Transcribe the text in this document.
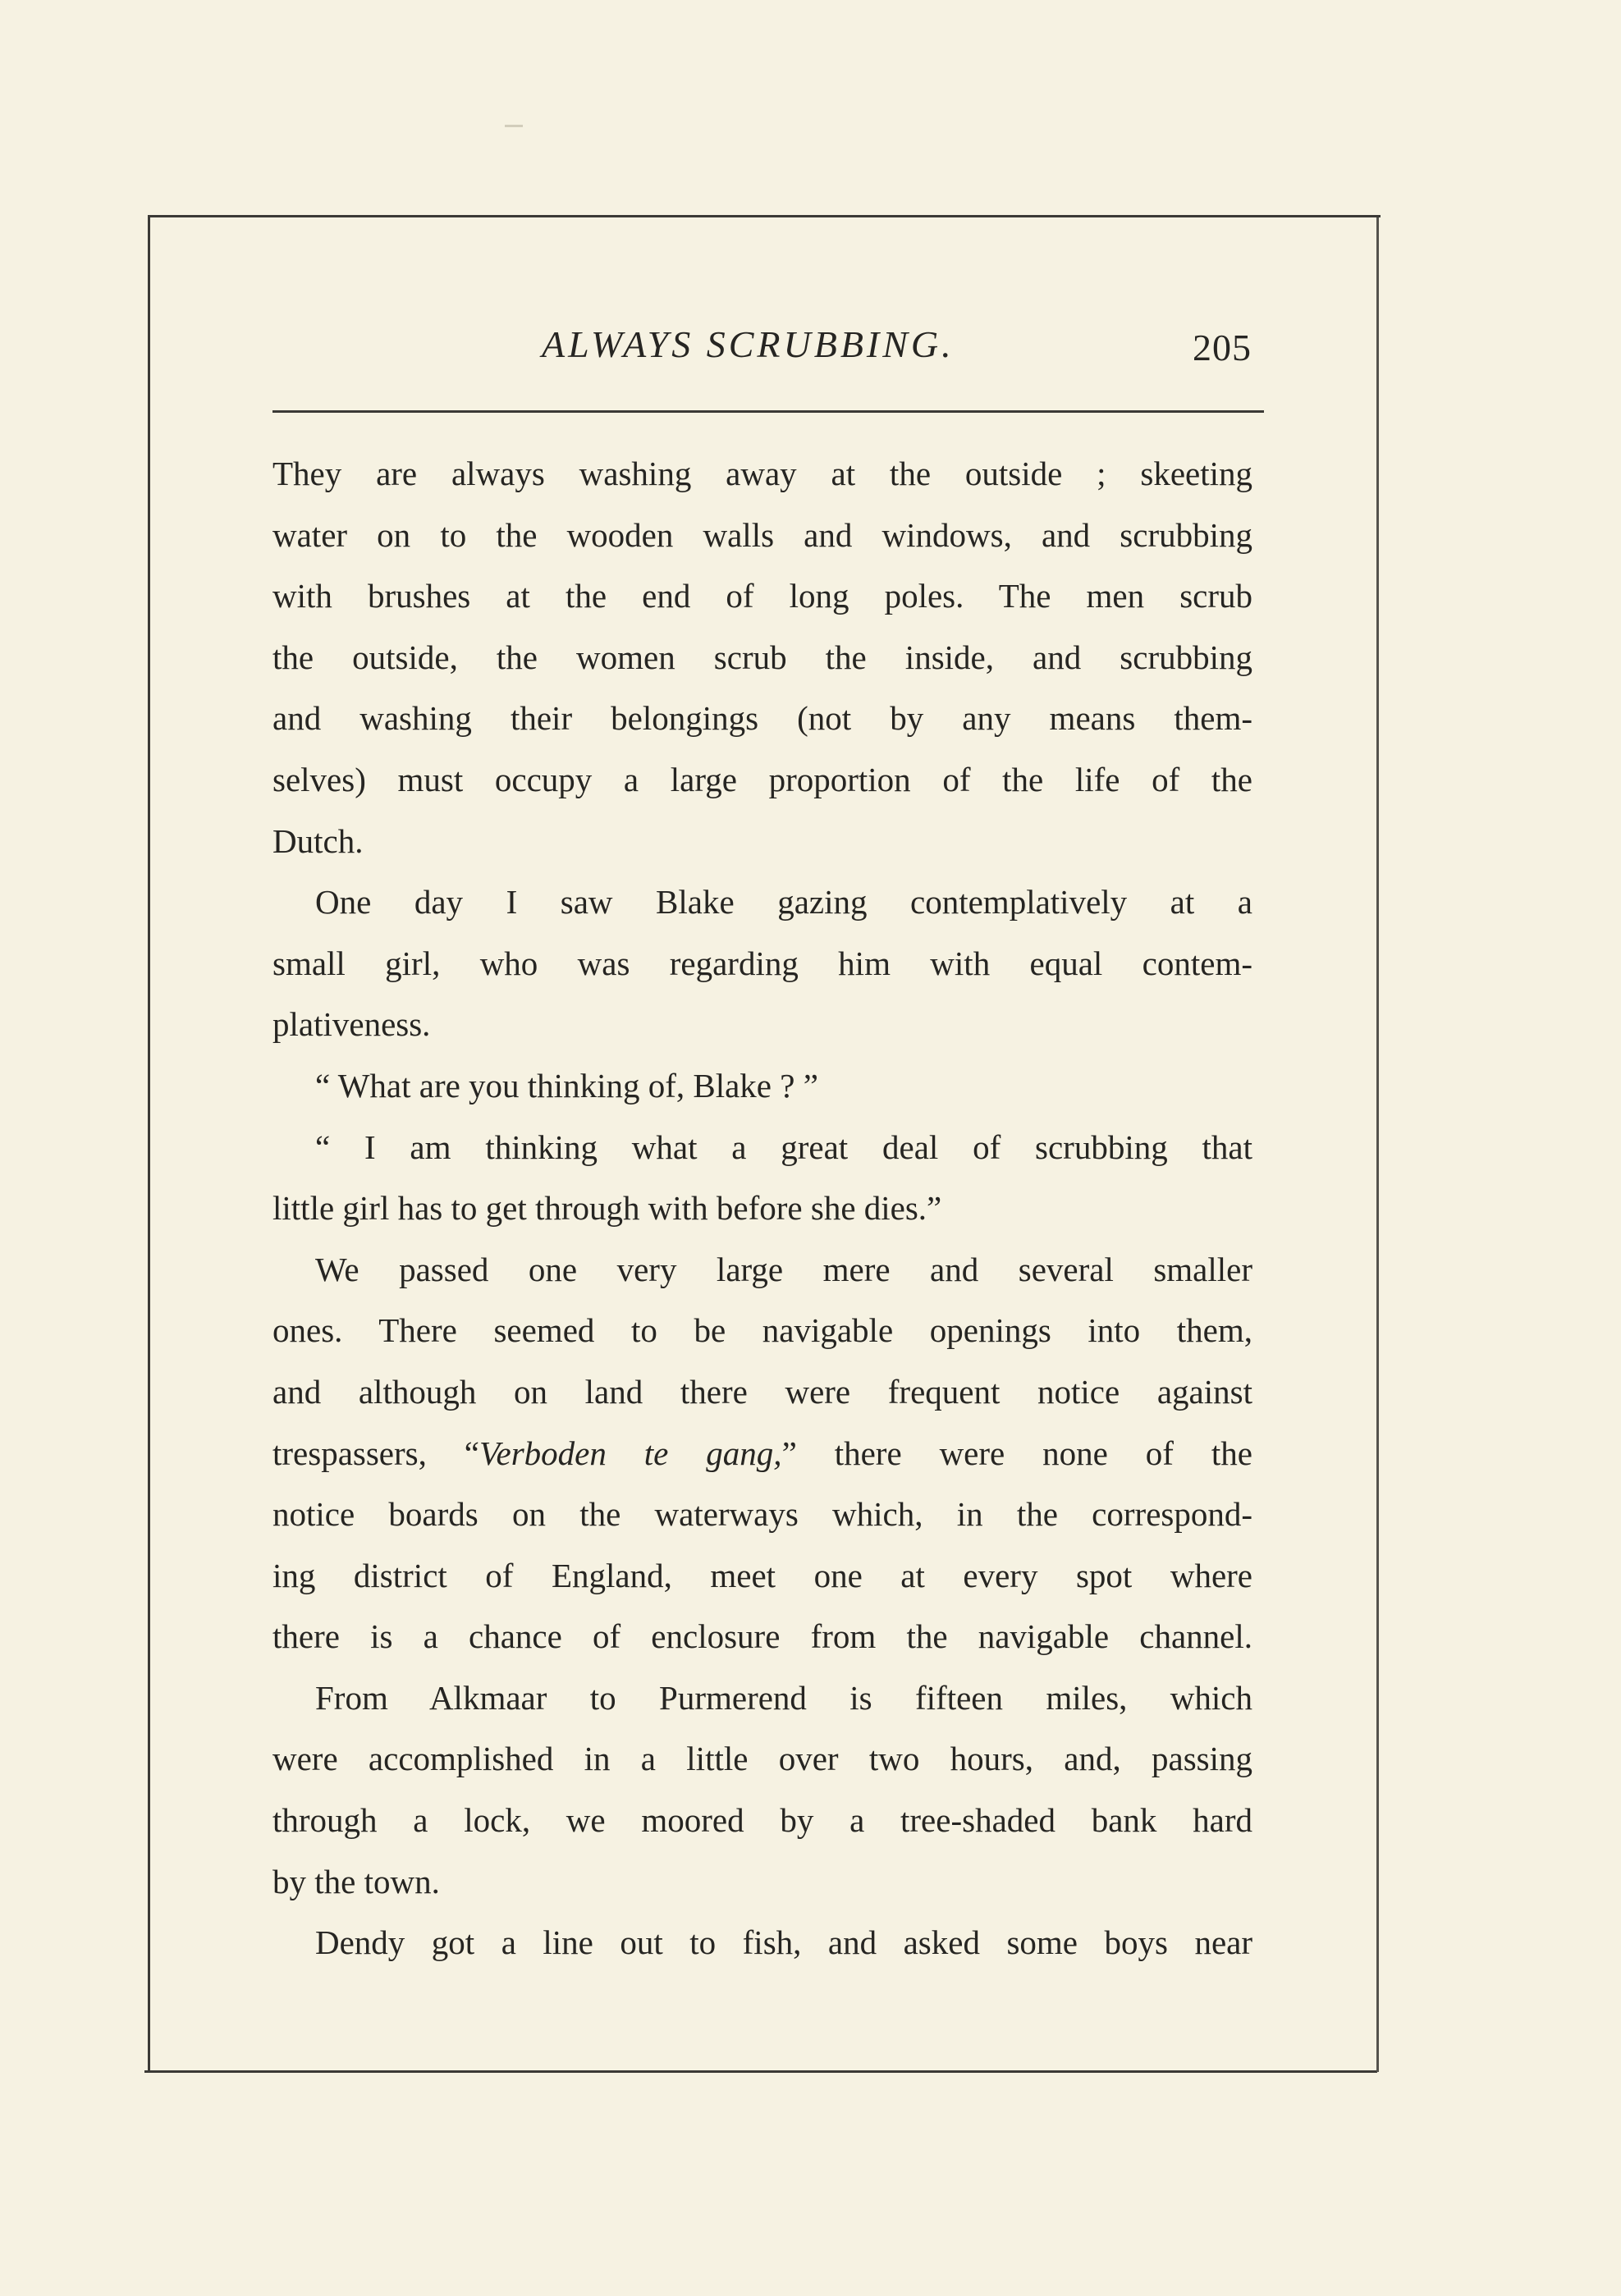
ALWAYS SCRUBBING.	205
They are always washing away at the outside ; skeeting
water on to the wooden walls and windows, and scrubbing
with brushes at the end of long poles. The men scrub
the outside, the women scrub the inside, and scrubbing
and washing their belongings (not by any means them-
selves) must occupy a large proportion of the life of the
Dutch.
One day I saw Blake gazing contemplatively at a
small girl, who was regarding him with equal contem-
plativeness.
“ What are you thinking of, Blake ? ”
“ I am thinking what a great deal of scrubbing that
little girl has to get through with before she dies.”
We passed one very large mere and several smaller
ones. There seemed to be navigable openings into them,
and although on land there were frequent notice against
trespassers, “Verboden te gang,” there were none of the
notice boards on the waterways which, in the correspond-
ing district of England, meet one at every spot where
there is a chance of enclosure from the navigable channel.
From Alkmaar to Purmerend is fifteen miles, which
were accomplished in a little over two hours, and, passing
through a lock, we moored by a tree-shaded bank hard
by the town.
Dendy got a line out to fish, and asked some boys near
